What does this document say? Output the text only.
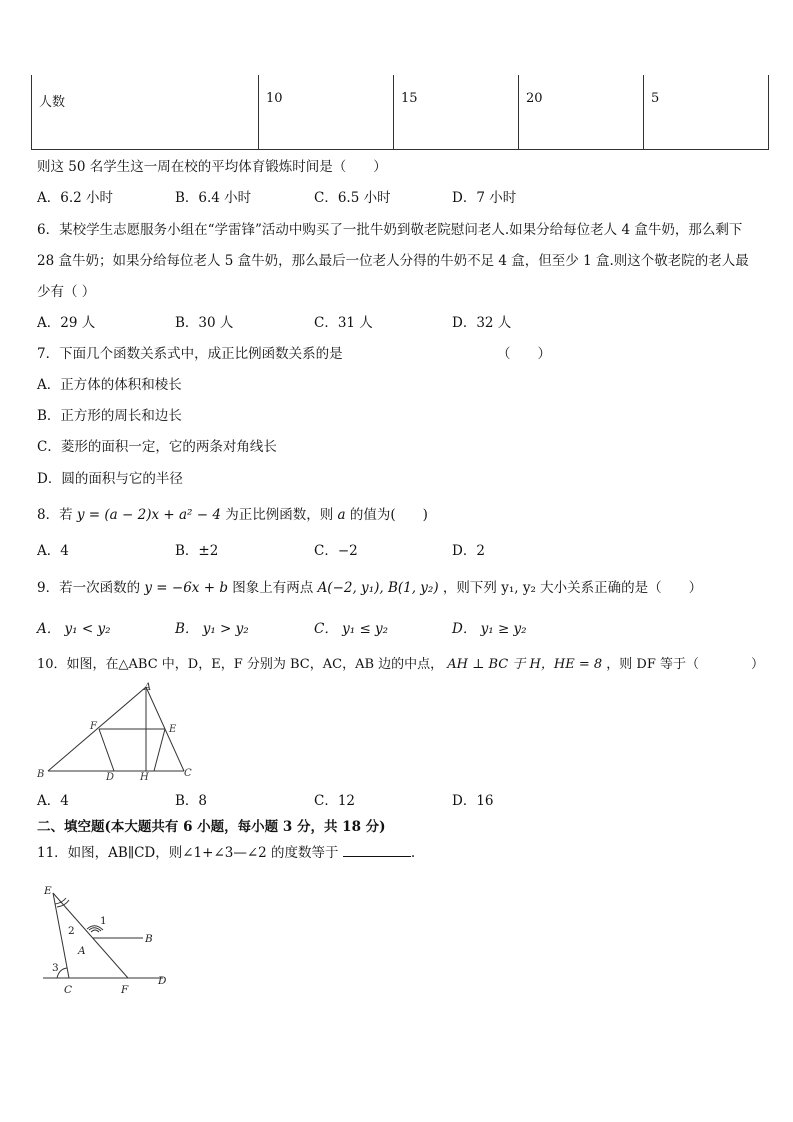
人数	10	15	20	5
则这 50 名学生这一周在校的平均体育锻炼时间是（　　）
A．6.2 小时	B．6.4 小时	C．6.5 小时	D．7 小时
6．某校学生志愿服务小组在“学雷锋”活动中购买了一批牛奶到敬老院慰问老人.如果分给每位老人 4 盒牛奶，那么剩下
28 盒牛奶；如果分给每位老人 5 盒牛奶，那么最后一位老人分得的牛奶不足 4 盒，但至少 1 盒.则这个敬老院的老人最
少有（ ）
A．29 人	B．30 人	C．31 人	D．32 人
7．下面几个函数关系式中，成正比例函数关系的是	（　　）
A．正方体的体积和棱长
B．正方形的周长和边长
C．菱形的面积一定，它的两条对角线长
D．圆的面积与它的半径
8．若 y = (a − 2)x + a² − 4 为正比例函数，则 a 的值为(　　)
A．4	B．±2	C．−2	D．2
9．若一次函数的 y = −6x + b 图象上有两点 A(−2, y₁), B(1, y₂) ，则下列 y₁, y₂ 大小关系正确的是（　　）
A． y₁ < y₂	B． y₁ > y₂	C． y₁ ≤ y₂	D． y₁ ≥ y₂
10．如图，在△ABC 中，D，E，F 分别为 BC，AC，AB 边的中点， AH ⊥ BC 于 H，HE = 8 ，则 DF 等于（　　　　）
A
F	E
B	D	H	C
A．4	B．8	C．12	D．16
二、填空题(本大题共有 6 小题，每小题 3 分，共 18 分)
11．如图，AB∥CD，则∠1+∠3—∠2 的度数等于	.
E
1
2
B
A
3
C	F
D
